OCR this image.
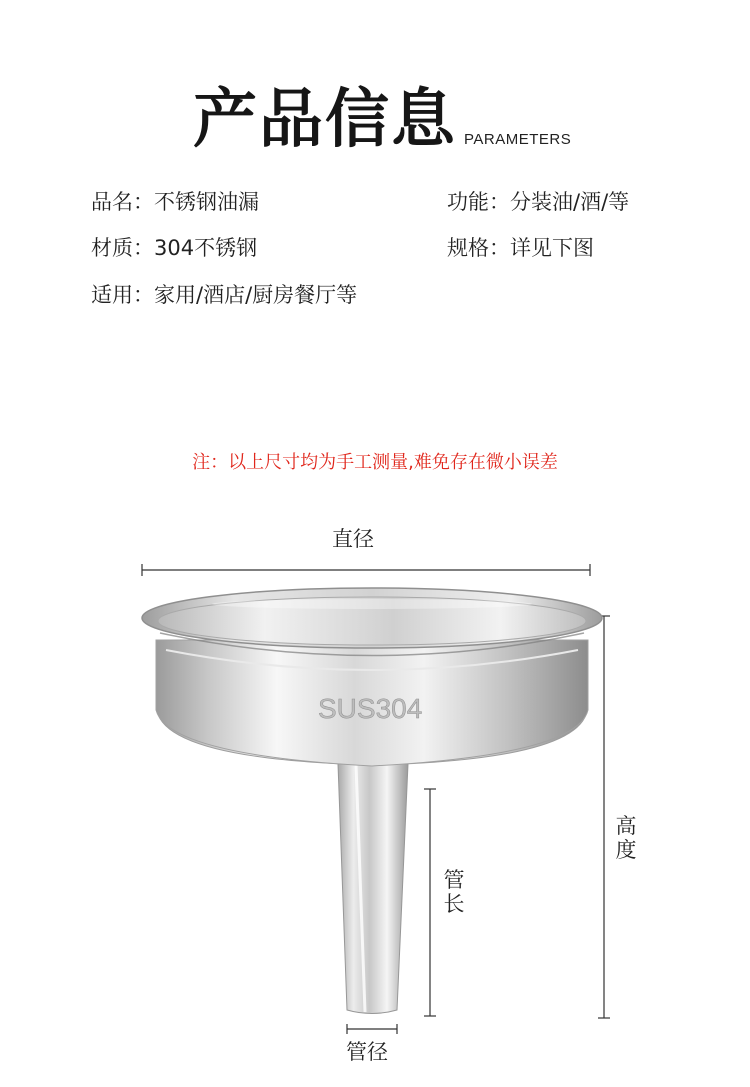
产品信息 PARAMETERS
品名：不锈钢油漏	功能：分装油/酒/等
材质：304不锈钢	规格：详见下图
适用：家用/酒店/厨房餐厅等
注：以上尺寸均为手工测量,难免存在微小误差
SUS304
直径
高度
管长
管径
